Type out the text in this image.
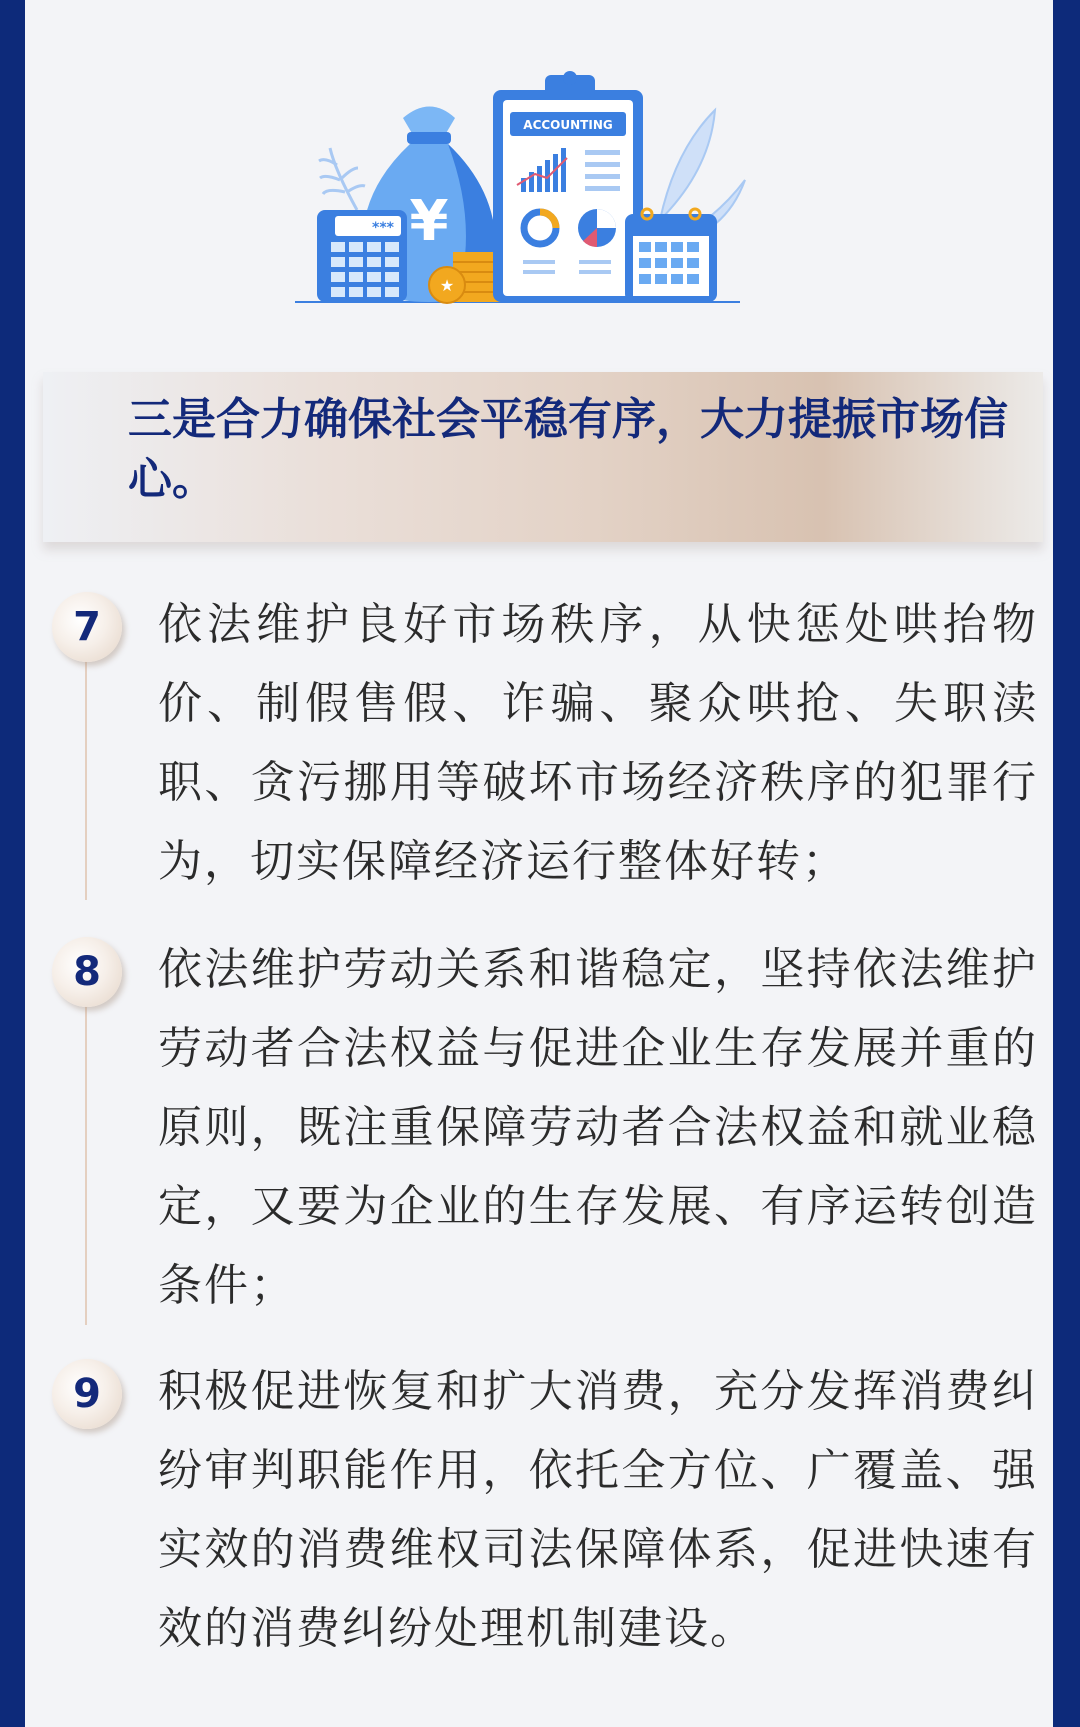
¥
***
★
ACCOUNTING
三是合力确保社会平稳有序，大力提振市场信心。
7	依法维护良好市场秩序，从快惩处哄抬物价、制假售假、诈骗、聚众哄抢、失职渎职、贪污挪用等破坏市场经济秩序的犯罪行为，切实保障经济运行整体好转；

8	依法维护劳动关系和谐稳定，坚持依法维护劳动者合法权益与促进企业生存发展并重的原则，既注重保障劳动者合法权益和就业稳定，又要为企业的生存发展、有序运转创造条件；

9	积极促进恢复和扩大消费，充分发挥消费纠纷审判职能作用，依托全方位、广覆盖、强实效的消费维权司法保障体系，促进快速有效的消费纠纷处理机制建设。
